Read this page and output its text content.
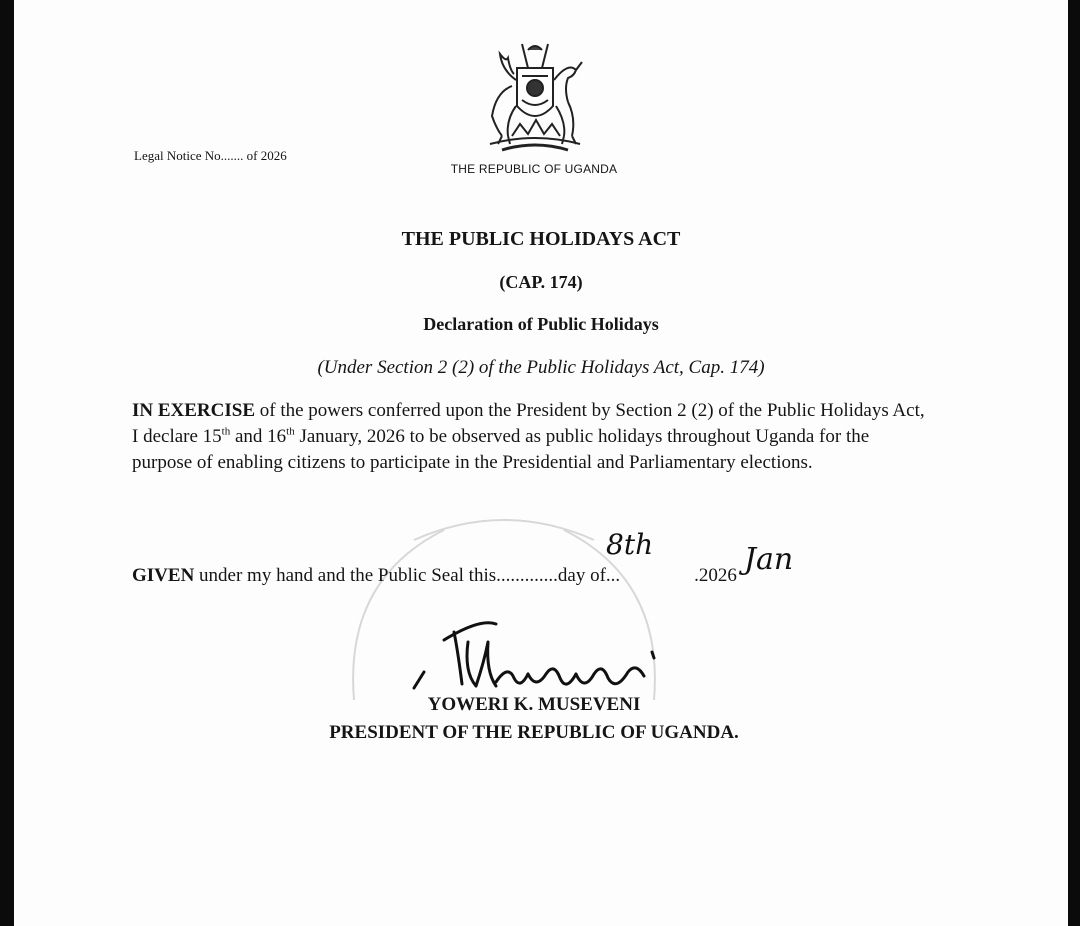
Legal Notice No....... of 2026
THE REPUBLIC OF UGANDA
THE PUBLIC HOLIDAYS ACT
(CAP. 174)
Declaration of Public Holidays
(Under Section 2 (2) of the Public Holidays Act, Cap. 174)
IN EXERCISE of the powers conferred upon the President by Section 2 (2) of the Public Holidays Act, I declare 15th and 16th January, 2026 to be observed as public holidays throughout Uganda for the purpose of enabling citizens to participate in the Presidential and Parliamentary elections.
GIVEN under my hand and the Public Seal this.............day of...	.2026
8th	Jan
YOWERI K. MUSEVENI
PRESIDENT OF THE REPUBLIC OF UGANDA.
